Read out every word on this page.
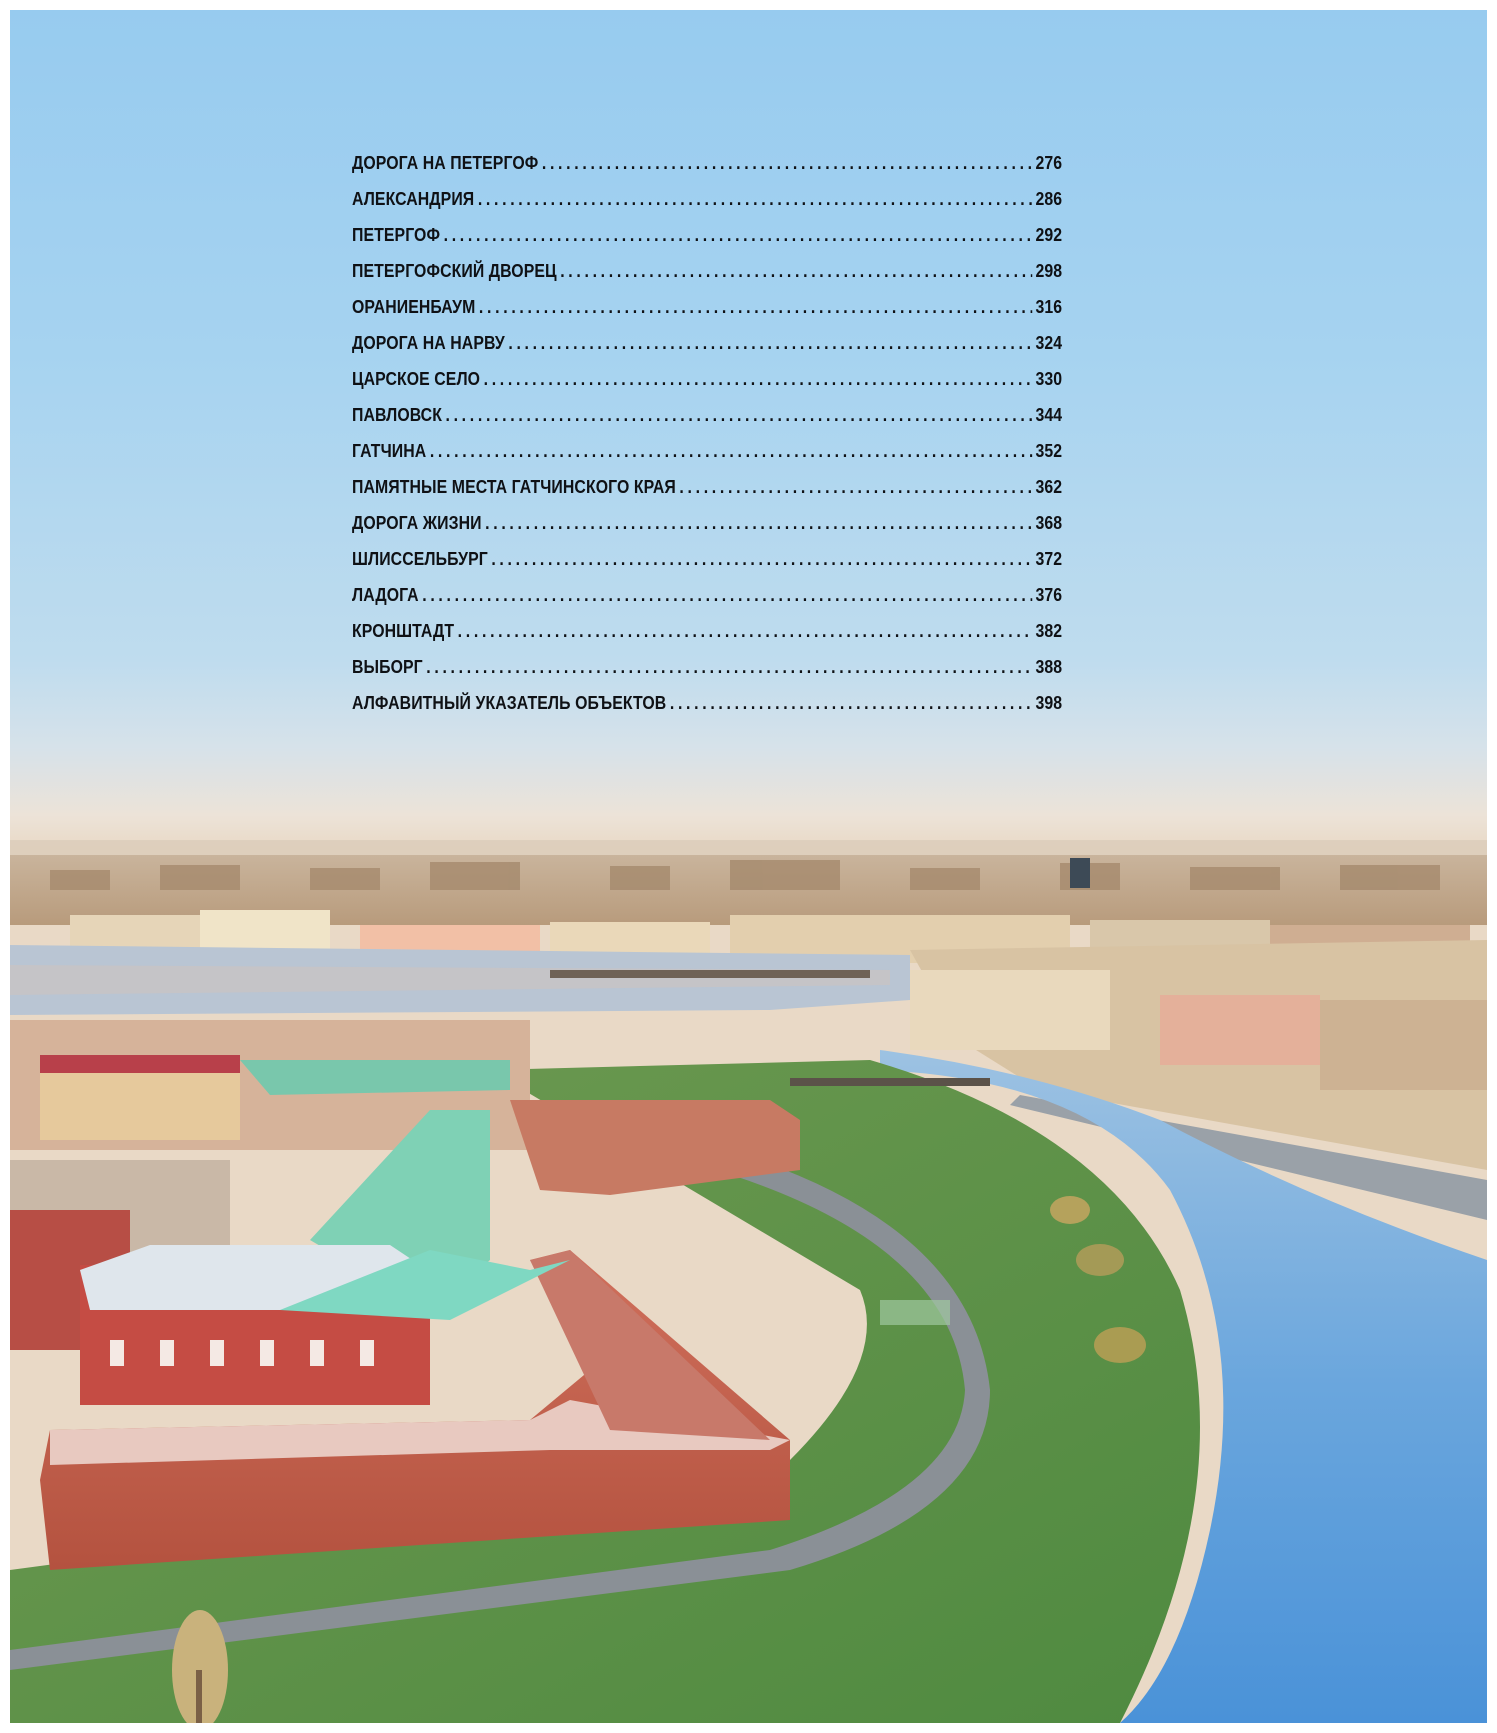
ДОРОГА НА ПЕТЕРГОФ .....	276
АЛЕКСАНДРИЯ .....	286
ПЕТЕРГОФ .....	292
ПЕТЕРГОФСКИЙ ДВОРЕЦ .....	298
ОРАНИЕНБАУМ .....	316
ДОРОГА НА НАРВУ .....	324
ЦАРСКОЕ СЕЛО .....	330
ПАВЛОВСК .....	344
ГАТЧИНА .....	352
ПАМЯТНЫЕ МЕСТА ГАТЧИНСКОГО КРАЯ .....	362
ДОРОГА ЖИЗНИ .....	368
ШЛИССЕЛЬБУРГ .....	372
ЛАДОГА .....	376
КРОНШТАДТ .....	382
ВЫБОРГ .....	388
АЛФАВИТНЫЙ УКАЗАТЕЛЬ ОБЪЕКТОВ .....	398
